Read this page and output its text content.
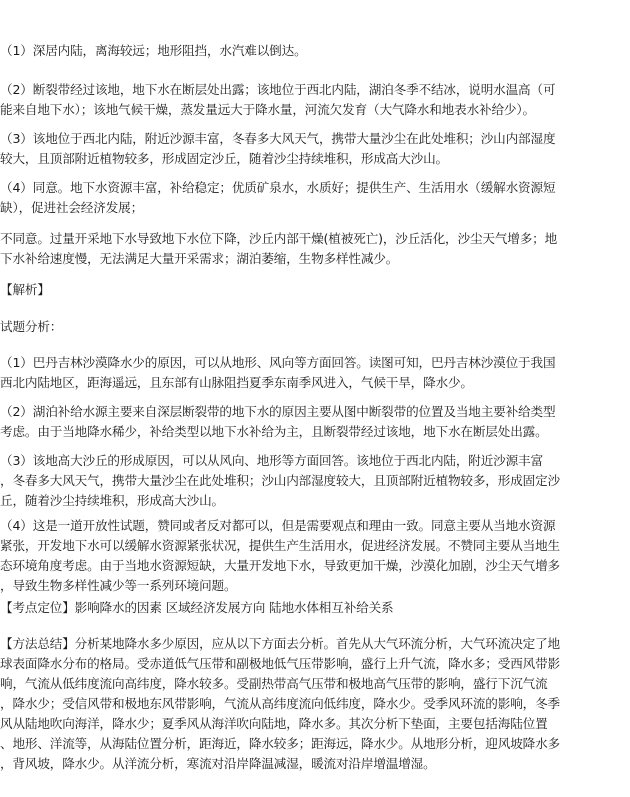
（1）深居内陆，离海较远；地形阻挡，水汽难以倒达。

（2）断裂带经过该地，地下水在断层处出露；该地位于西北内陆，湖泊冬季不结冰，说明水温高（可
能来自地下水）；该地气候干燥，蒸发量远大于降水量，河流欠发育（大气降水和地表水补给少）。

（3）该地位于西北内陆，附近沙源丰富，冬春多大风天气，携带大量沙尘在此处堆积；沙山内部湿度
较大，且顶部附近植物较多，形成固定沙丘，随着沙尘持续堆积，形成高大沙山。

（4）同意。地下水资源丰富，补给稳定；优质矿泉水，水质好；提供生产、生活用水（缓解水资源短
缺），促进社会经济发展；

不同意。过量开采地下水导致地下水位下降，沙丘内部干燥(植被死亡)，沙丘活化，沙尘天气增多；地
下水补给速度慢，无法满足大量开采需求；湖泊萎缩，生物多样性减少。

【解析】

试题分析：

（1）巴丹吉林沙漠降水少的原因，可以从地形、风向等方面回答。读图可知，巴丹吉林沙漠位于我国
西北内陆地区，距海遥远，且东部有山脉阻挡夏季东南季风进入，气候干旱，降水少。

（2）湖泊补给水源主要来自深层断裂带的地下水的原因主要从图中断裂带的位置及当地主要补给类型
考虑。由于当地降水稀少，补给类型以地下水补给为主，且断裂带经过该地，地下水在断层处出露。

（3）该地高大沙丘的形成原因，可以从风向、地形等方面回答。该地位于西北内陆，附近沙源丰富
，冬春多大风天气，携带大量沙尘在此处堆积；沙山内部湿度较大，且顶部附近植物较多，形成固定沙
丘，随着沙尘持续堆积，形成高大沙山。

（4）这是一道开放性试题，赞同或者反对都可以，但是需要观点和理由一致。同意主要从当地水资源
紧张，开发地下水可以缓解水资源紧张状况，提供生产生活用水，促进经济发展。不赞同主要从当地生
态环境角度考虑。由于当地水资源短缺，大量开发地下水，导致更加干燥，沙漠化加剧，沙尘天气增多
，导致生物多样性减少等一系列环境问题。

【考点定位】影响降水的因素 区域经济发展方向 陆地水体相互补给关系

【方法总结】分析某地降水多少原因，应从以下方面去分析。首先从大气环流分析，大气环流决定了地
球表面降水分布的格局。受赤道低气压带和副极地低气压带影响，盛行上升气流，降水多；受西风带影
响，气流从低纬度流向高纬度，降水较多。受副热带高气压带和极地高气压带的影响，盛行下沉气流
，降水少；受信风带和极地东风带影响，气流从高纬度流向低纬度，降水少。受季风环流的影响，冬季
风从陆地吹向海洋，降水少；夏季风从海洋吹向陆地，降水多。其次分析下垫面，主要包括海陆位置
、地形、洋流等，从海陆位置分析，距海近，降水较多；距海远，降水少。从地形分析，迎风坡降水多
，背风坡，降水少。从洋流分析，寒流对沿岸降温减湿，暖流对沿岸增温增湿。
